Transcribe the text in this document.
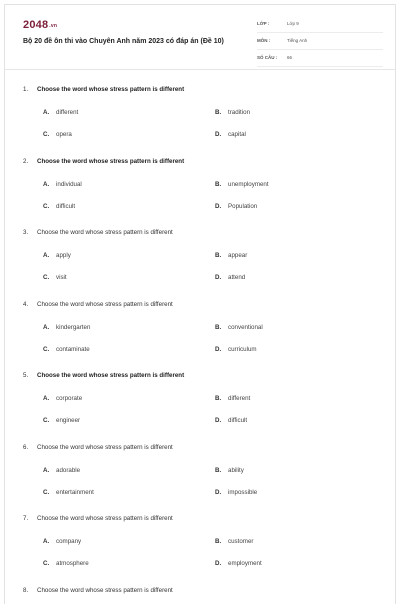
2048.vn
Bộ 20 đề ôn thi vào Chuyên Anh năm 2023 có đáp án (Đề 10)
LỚP :	Lớp 9
MÔN :	Tiếng Anh
SỐ CÂU : 66
1. Choose the word whose stress pattern is different
A. different	B. tradition
C. opera	D. capital
2. Choose the word whose stress pattern is different
A. individual	B. unemployment
C. difficult	D. Population
3. Choose the word whose stress pattern is different
A. apply	B. appear
C. visit	D. attend
4. Choose the word whose stress pattern is different
A. kindergarten	B. conventional
C. contaminate	D. curriculum
5. Choose the word whose stress pattern is different
A. corporate	B. different
C. engineer	D. difficult
6. Choose the word whose stress pattern is different
A. adorable	B. ability
C. entertainment	D. impossible
7. Choose the word whose stress pattern is different
A. company	B. customer
C. atmosphere	D. employment
8. Choose the word whose stress pattern is different
